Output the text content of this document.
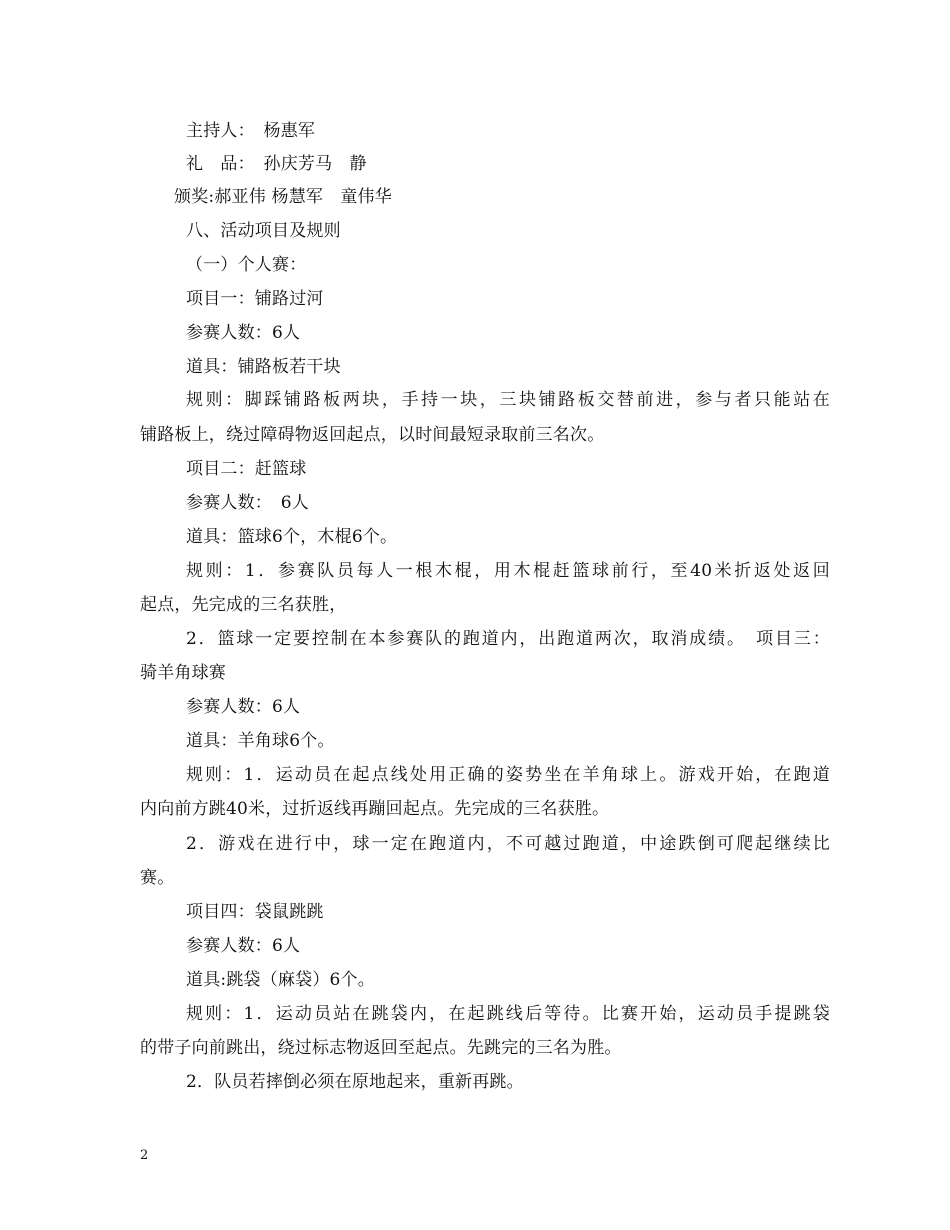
主持人：　杨惠军
礼　品：　孙庆芳马　静
颁奖:郝亚伟 杨慧军　童伟华
八、活动项目及规则
（一）个人赛：
项目一：铺路过河
参赛人数：6人
道具：铺路板若干块
规则：脚踩铺路板两块，手持一块，三块铺路板交替前进，参与者只能站在
铺路板上，绕过障碍物返回起点，以时间最短录取前三名次。
项目二：赶篮球
参赛人数：　6人
道具：篮球6个，木棍6个。
规则：1．参赛队员每人一根木棍，用木棍赶篮球前行，至40米折返处返回
起点，先完成的三名获胜，
2．篮球一定要控制在本参赛队的跑道内，出跑道两次，取消成绩。　项目三：
骑羊角球赛
参赛人数：6人
道具：羊角球6个。
规则：1．运动员在起点线处用正确的姿势坐在羊角球上。游戏开始，在跑道
内向前方跳40米，过折返线再蹦回起点。先完成的三名获胜。
2．游戏在进行中，球一定在跑道内，不可越过跑道，中途跌倒可爬起继续比
赛。
项目四：袋鼠跳跳
参赛人数：6人
道具:跳袋（麻袋）6个。
规则：1．运动员站在跳袋内，在起跳线后等待。比赛开始，运动员手提跳袋
的带子向前跳出，绕过标志物返回至起点。先跳完的三名为胜。
2．队员若摔倒必须在原地起来，重新再跳。
2
